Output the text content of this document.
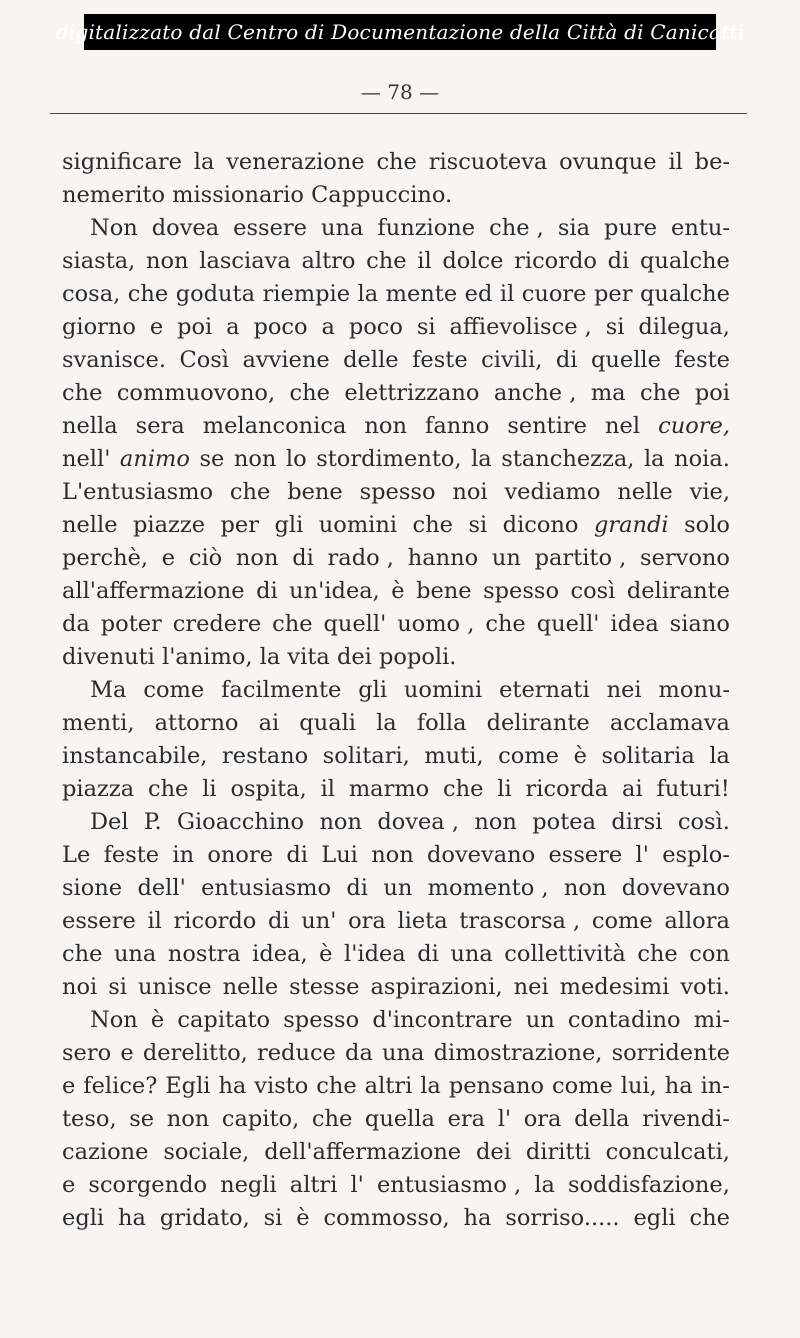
digitalizzato dal Centro di Documentazione della Città di Canicattì
— 78 —
significare la venerazione che riscuoteva ovunque il be-
nemerito missionario Cappuccino.
Non dovea essere una funzione che , sia pure entu-
siasta, non lasciava altro che il dolce ricordo di qualche
cosa, che goduta riempie la mente ed il cuore per qualche
giorno e poi a poco a poco si affievolisce , si dilegua,
svanisce. Così avviene delle feste civili, di quelle feste
che commuovono, che elettrizzano anche , ma che poi
nella sera melanconica non fanno sentire nel cuore,
nell' animo se non lo stordimento, la stanchezza, la noia.
L'entusiasmo che bene spesso noi vediamo nelle vie,
nelle piazze per gli uomini che si dicono grandi solo
perchè, e ciò non di rado , hanno un partito , servono
all'affermazione di un'idea, è bene spesso così delirante
da poter credere che quell' uomo , che quell' idea siano
divenuti l'animo, la vita dei popoli.
Ma come facilmente gli uomini eternati nei monu-
menti, attorno ai quali la folla delirante acclamava
instancabile, restano solitari, muti, come è solitaria la
piazza che li ospita, il marmo che li ricorda ai futuri!
Del P. Gioacchino non dovea , non potea dirsi così.
Le feste in onore di Lui non dovevano essere l' esplo-
sione dell' entusiasmo di un momento , non dovevano
essere il ricordo di un' ora lieta trascorsa , come allora
che una nostra idea, è l'idea di una collettività che con
noi si unisce nelle stesse aspirazioni, nei medesimi voti.
Non è capitato spesso d'incontrare un contadino mi-
sero e derelitto, reduce da una dimostrazione, sorridente
e felice? Egli ha visto che altri la pensano come lui, ha in-
teso, se non capito, che quella era l' ora della rivendi-
cazione sociale, dell'affermazione dei diritti conculcati,
e scorgendo negli altri l' entusiasmo , la soddisfazione,
egli ha gridato, si è commosso, ha sorriso..... egli che
